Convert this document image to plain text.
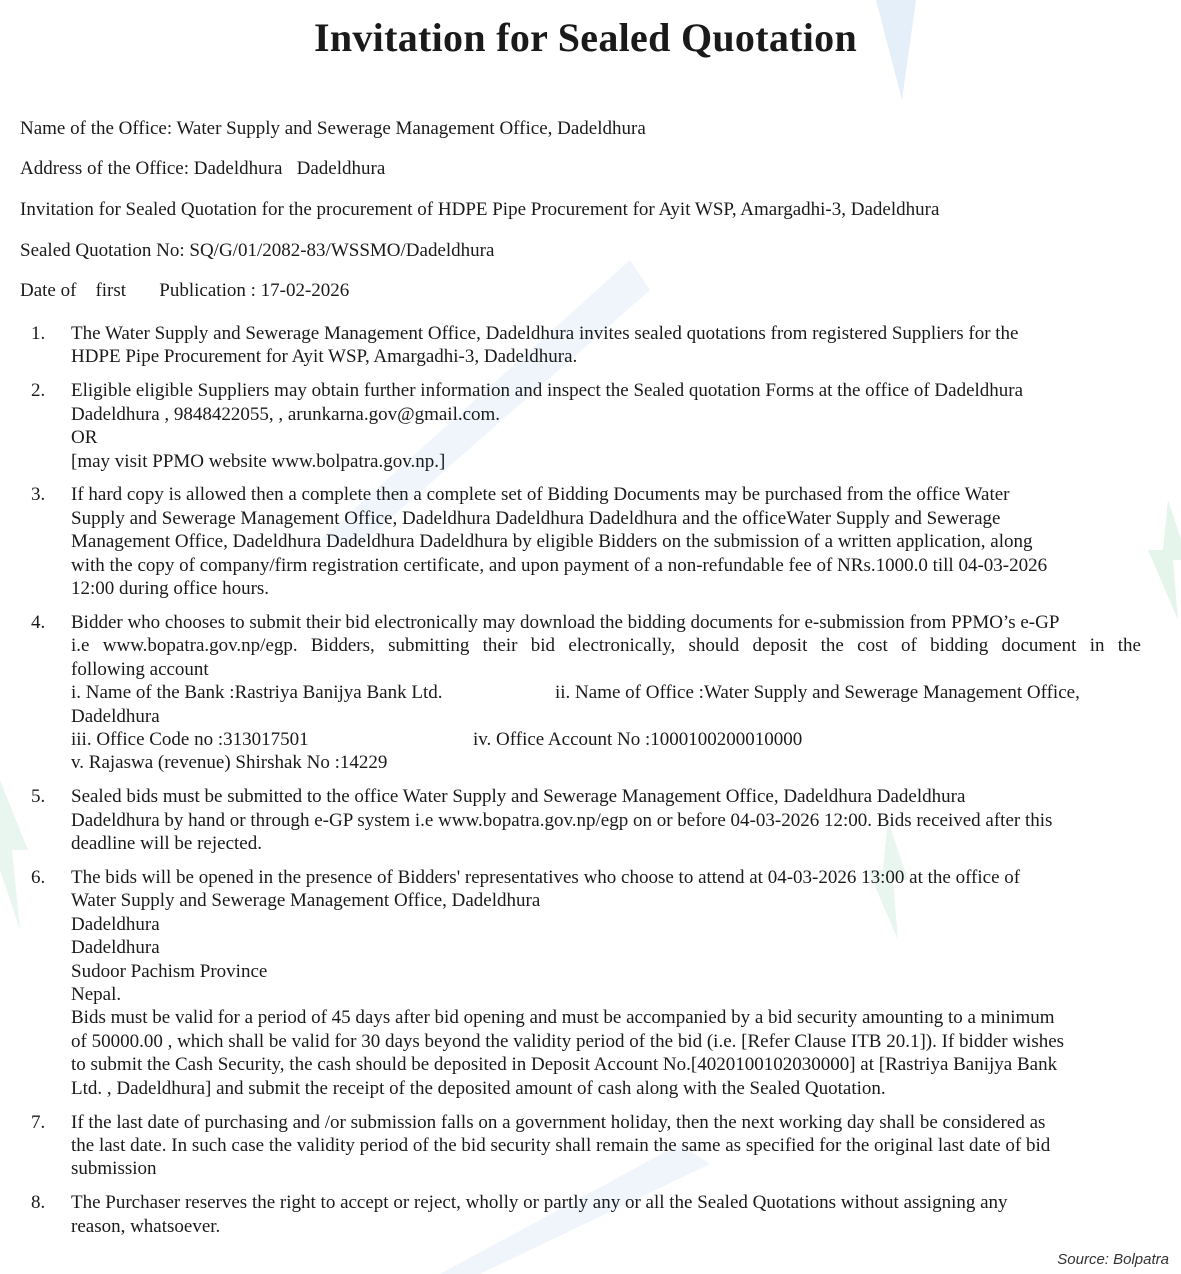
Invitation for Sealed Quotation
Name of the Office: Water Supply and Sewerage Management Office, Dadeldhura
Address of the Office: Dadeldhura   Dadeldhura
Invitation for Sealed Quotation for the procurement of HDPE Pipe Procurement for Ayit WSP, Amargadhi-3, Dadeldhura
Sealed Quotation No: SQ/G/01/2082-83/WSSMO/Dadeldhura
Date of    first       Publication : 17-02-2026
1. The Water Supply and Sewerage Management Office, Dadeldhura invites sealed quotations from registered Suppliers for the
HDPE Pipe Procurement for Ayit WSP, Amargadhi-3, Dadeldhura.
2. Eligible eligible Suppliers may obtain further information and inspect the Sealed quotation Forms at the office of Dadeldhura
Dadeldhura , 9848422055, , arunkarna.gov@gmail.com.
OR
[may visit PPMO website www.bolpatra.gov.np.]
3. If hard copy is allowed then a complete then a complete set of Bidding Documents may be purchased from the office Water
Supply and Sewerage Management Office, Dadeldhura Dadeldhura Dadeldhura and the officeWater Supply and Sewerage
Management Office, Dadeldhura Dadeldhura Dadeldhura by eligible Bidders on the submission of a written application, along
with the copy of company/firm registration certificate, and upon payment of a non-refundable fee of NRs.1000.0 till 04-03-2026
12:00 during office hours.
4. Bidder who chooses to submit their bid electronically may download the bidding documents for e-submission from PPMO’s e-GP
i.e www.bopatra.gov.np/egp. Bidders, submitting their bid electronically, should deposit the cost of bidding document in the
following account
i. Name of the Bank :Rastriya Banijya Bank Ltd.	ii. Name of Office :Water Supply and Sewerage Management Office,
Dadeldhura
iii. Office Code no :313017501	iv. Office Account No :1000100200010000
v. Rajaswa (revenue) Shirshak No :14229
5. Sealed bids must be submitted to the office Water Supply and Sewerage Management Office, Dadeldhura Dadeldhura
Dadeldhura by hand or through e-GP system i.e www.bopatra.gov.np/egp on or before 04-03-2026 12:00. Bids received after this
deadline will be rejected.
6. The bids will be opened in the presence of Bidders' representatives who choose to attend at 04-03-2026 13:00 at the office of
Water Supply and Sewerage Management Office, Dadeldhura
Dadeldhura
Dadeldhura
Sudoor Pachism Province
Nepal.
Bids must be valid for a period of 45 days after bid opening and must be accompanied by a bid security amounting to a minimum
of 50000.00 , which shall be valid for 30 days beyond the validity period of the bid (i.e. [Refer Clause ITB 20.1]). If bidder wishes
to submit the Cash Security, the cash should be deposited in Deposit Account No.[4020100102030000] at [Rastriya Banijya Bank
Ltd. , Dadeldhura] and submit the receipt of the deposited amount of cash along with the Sealed Quotation.
7. If the last date of purchasing and /or submission falls on a government holiday, then the next working day shall be considered as
the last date. In such case the validity period of the bid security shall remain the same as specified for the original last date of bid
submission
8. The Purchaser reserves the right to accept or reject, wholly or partly any or all the Sealed Quotations without assigning any
reason, whatsoever.
Source: Bolpatra
